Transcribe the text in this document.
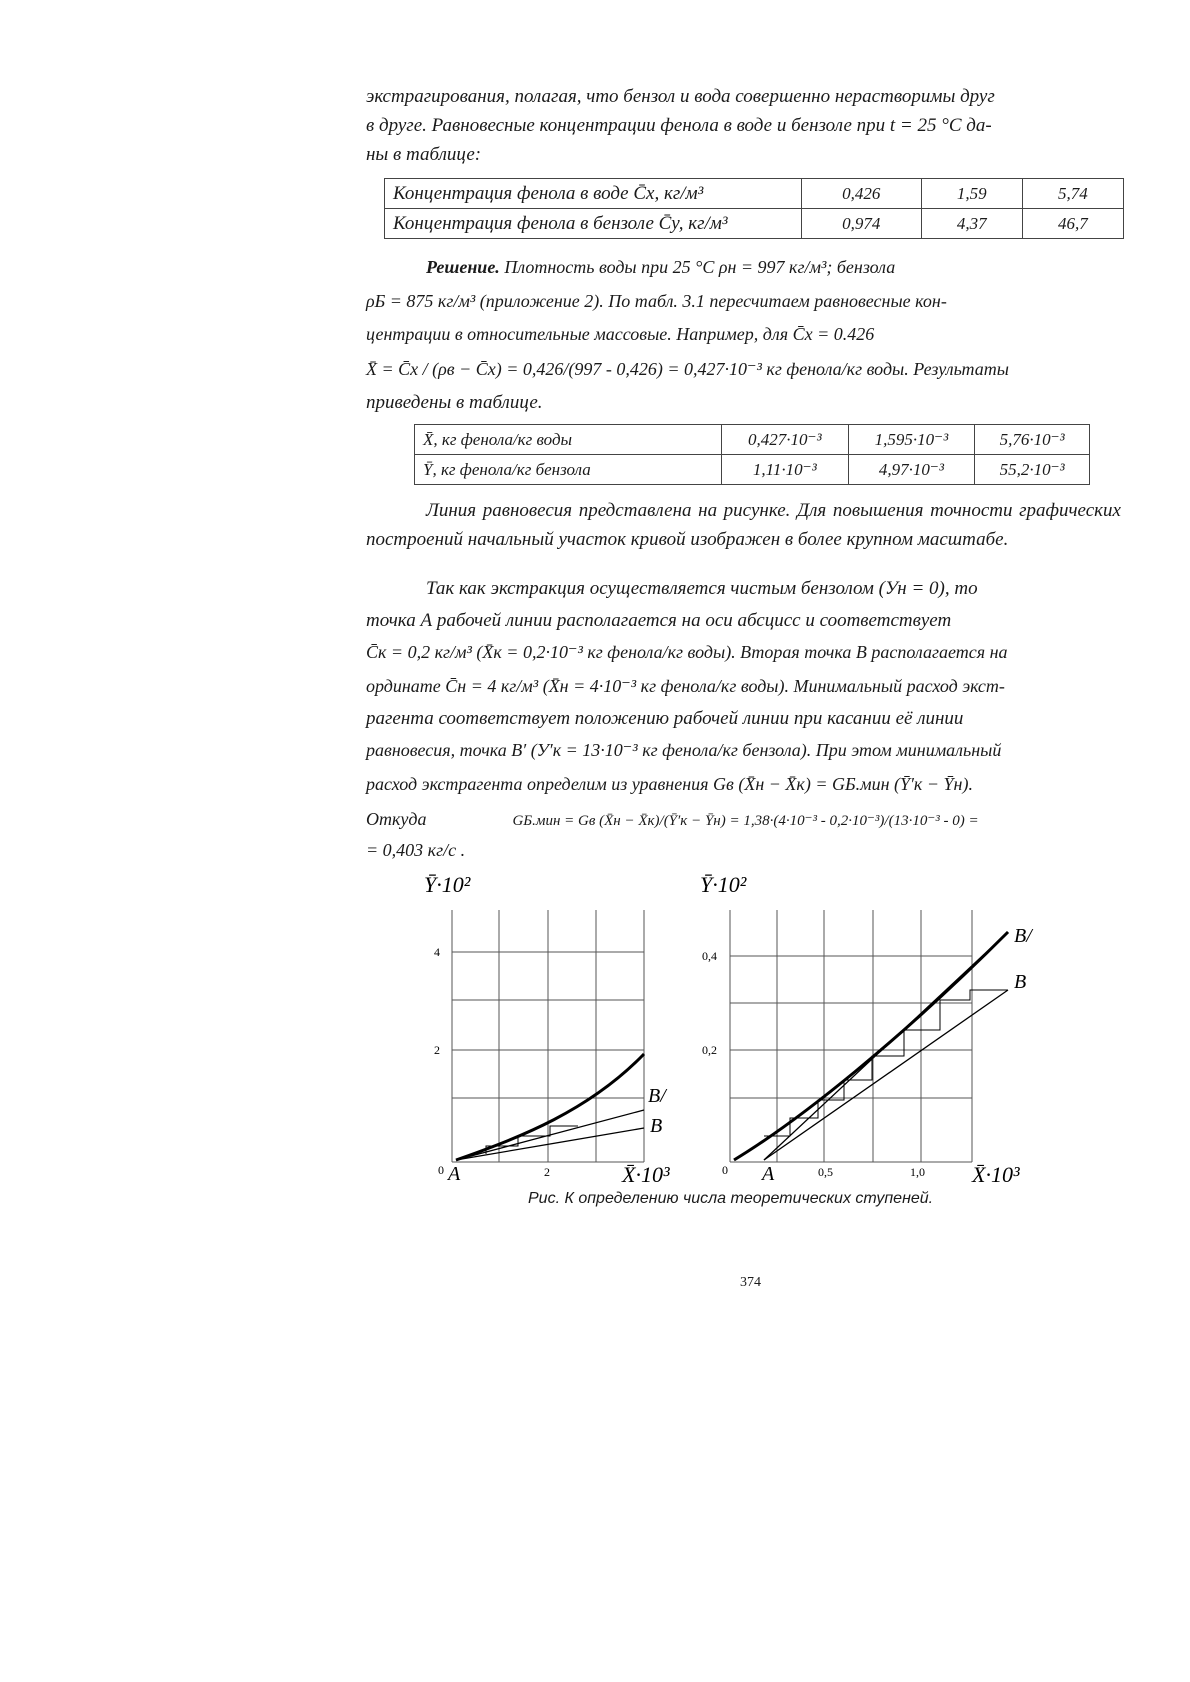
экстрагирования, полагая, что бензол и вода совершенно нерастворимы друг

в друге. Равновесные концентрации фенола в воде и бензоле при t = 25 °C да-

ны в таблице:

Концентрация фенола в воде C̄x, кг/м³	0,426	1,59	5,74
Концентрация фенола в бензоле C̄y, кг/м³	0,974	4,37	46,7

Решение. Плотность воды при 25 °C ρн = 997 кг/м³; бензола

ρБ = 875 кг/м³ (приложение 2). По табл. 3.1 пересчитаем равновесные кон-

центрации в относительные массовые. Например, для C̄x = 0.426

X̄ = C̄x / (ρв − C̄x) = 0,426/(997 - 0,426) = 0,427·10⁻³ кг фенола/кг воды. Результаты

приведены в таблице.

X̄, кг фенола/кг воды	0,427·10⁻³	1,595·10⁻³	5,76·10⁻³
Ȳ, кг фенола/кг бензола	1,11·10⁻³	4,97·10⁻³	55,2·10⁻³

Линия равновесия представлена на рисунке. Для повышения точности графических построений начальный участок кривой изображен в более крупном масштабе.

Так как экстракция осуществляется чистым бензолом (Ун = 0), то

точка А рабочей линии располагается на оси абсцисс и соответствует

C̄к = 0,2 кг/м³ (X̄к = 0,2·10⁻³ кг фенола/кг воды). Вторая точка В располагается на

ординате C̄н = 4 кг/м³ (X̄н = 4·10⁻³ кг фенола/кг воды). Минимальный расход экст-

рагента соответствует положению рабочей линии при касании её линии

равновесия, точка В′ (У′к = 13·10⁻³ кг фенола/кг бензола). При этом минимальный

расход экстрагента определим из уравнения Gв (X̄н − X̄к) = GБ.мин (Ȳ′к − Ȳн).

Откуда	GБ.мин = Gв (X̄н − X̄к)/(Ȳ′к − Ȳн) = 1,38·(4·10⁻³ - 0,2·10⁻³)/(13·10⁻³ - 0) =

= 0,403 кг/с .

Ȳ·10²
4
2
2
0 A	X̄·10³
B/
B
Ȳ·10²
0,4
0,2
0,5	1,0
0 A	X̄·10³
B/
B
Рис. К определению числа теоретических ступеней.
374
